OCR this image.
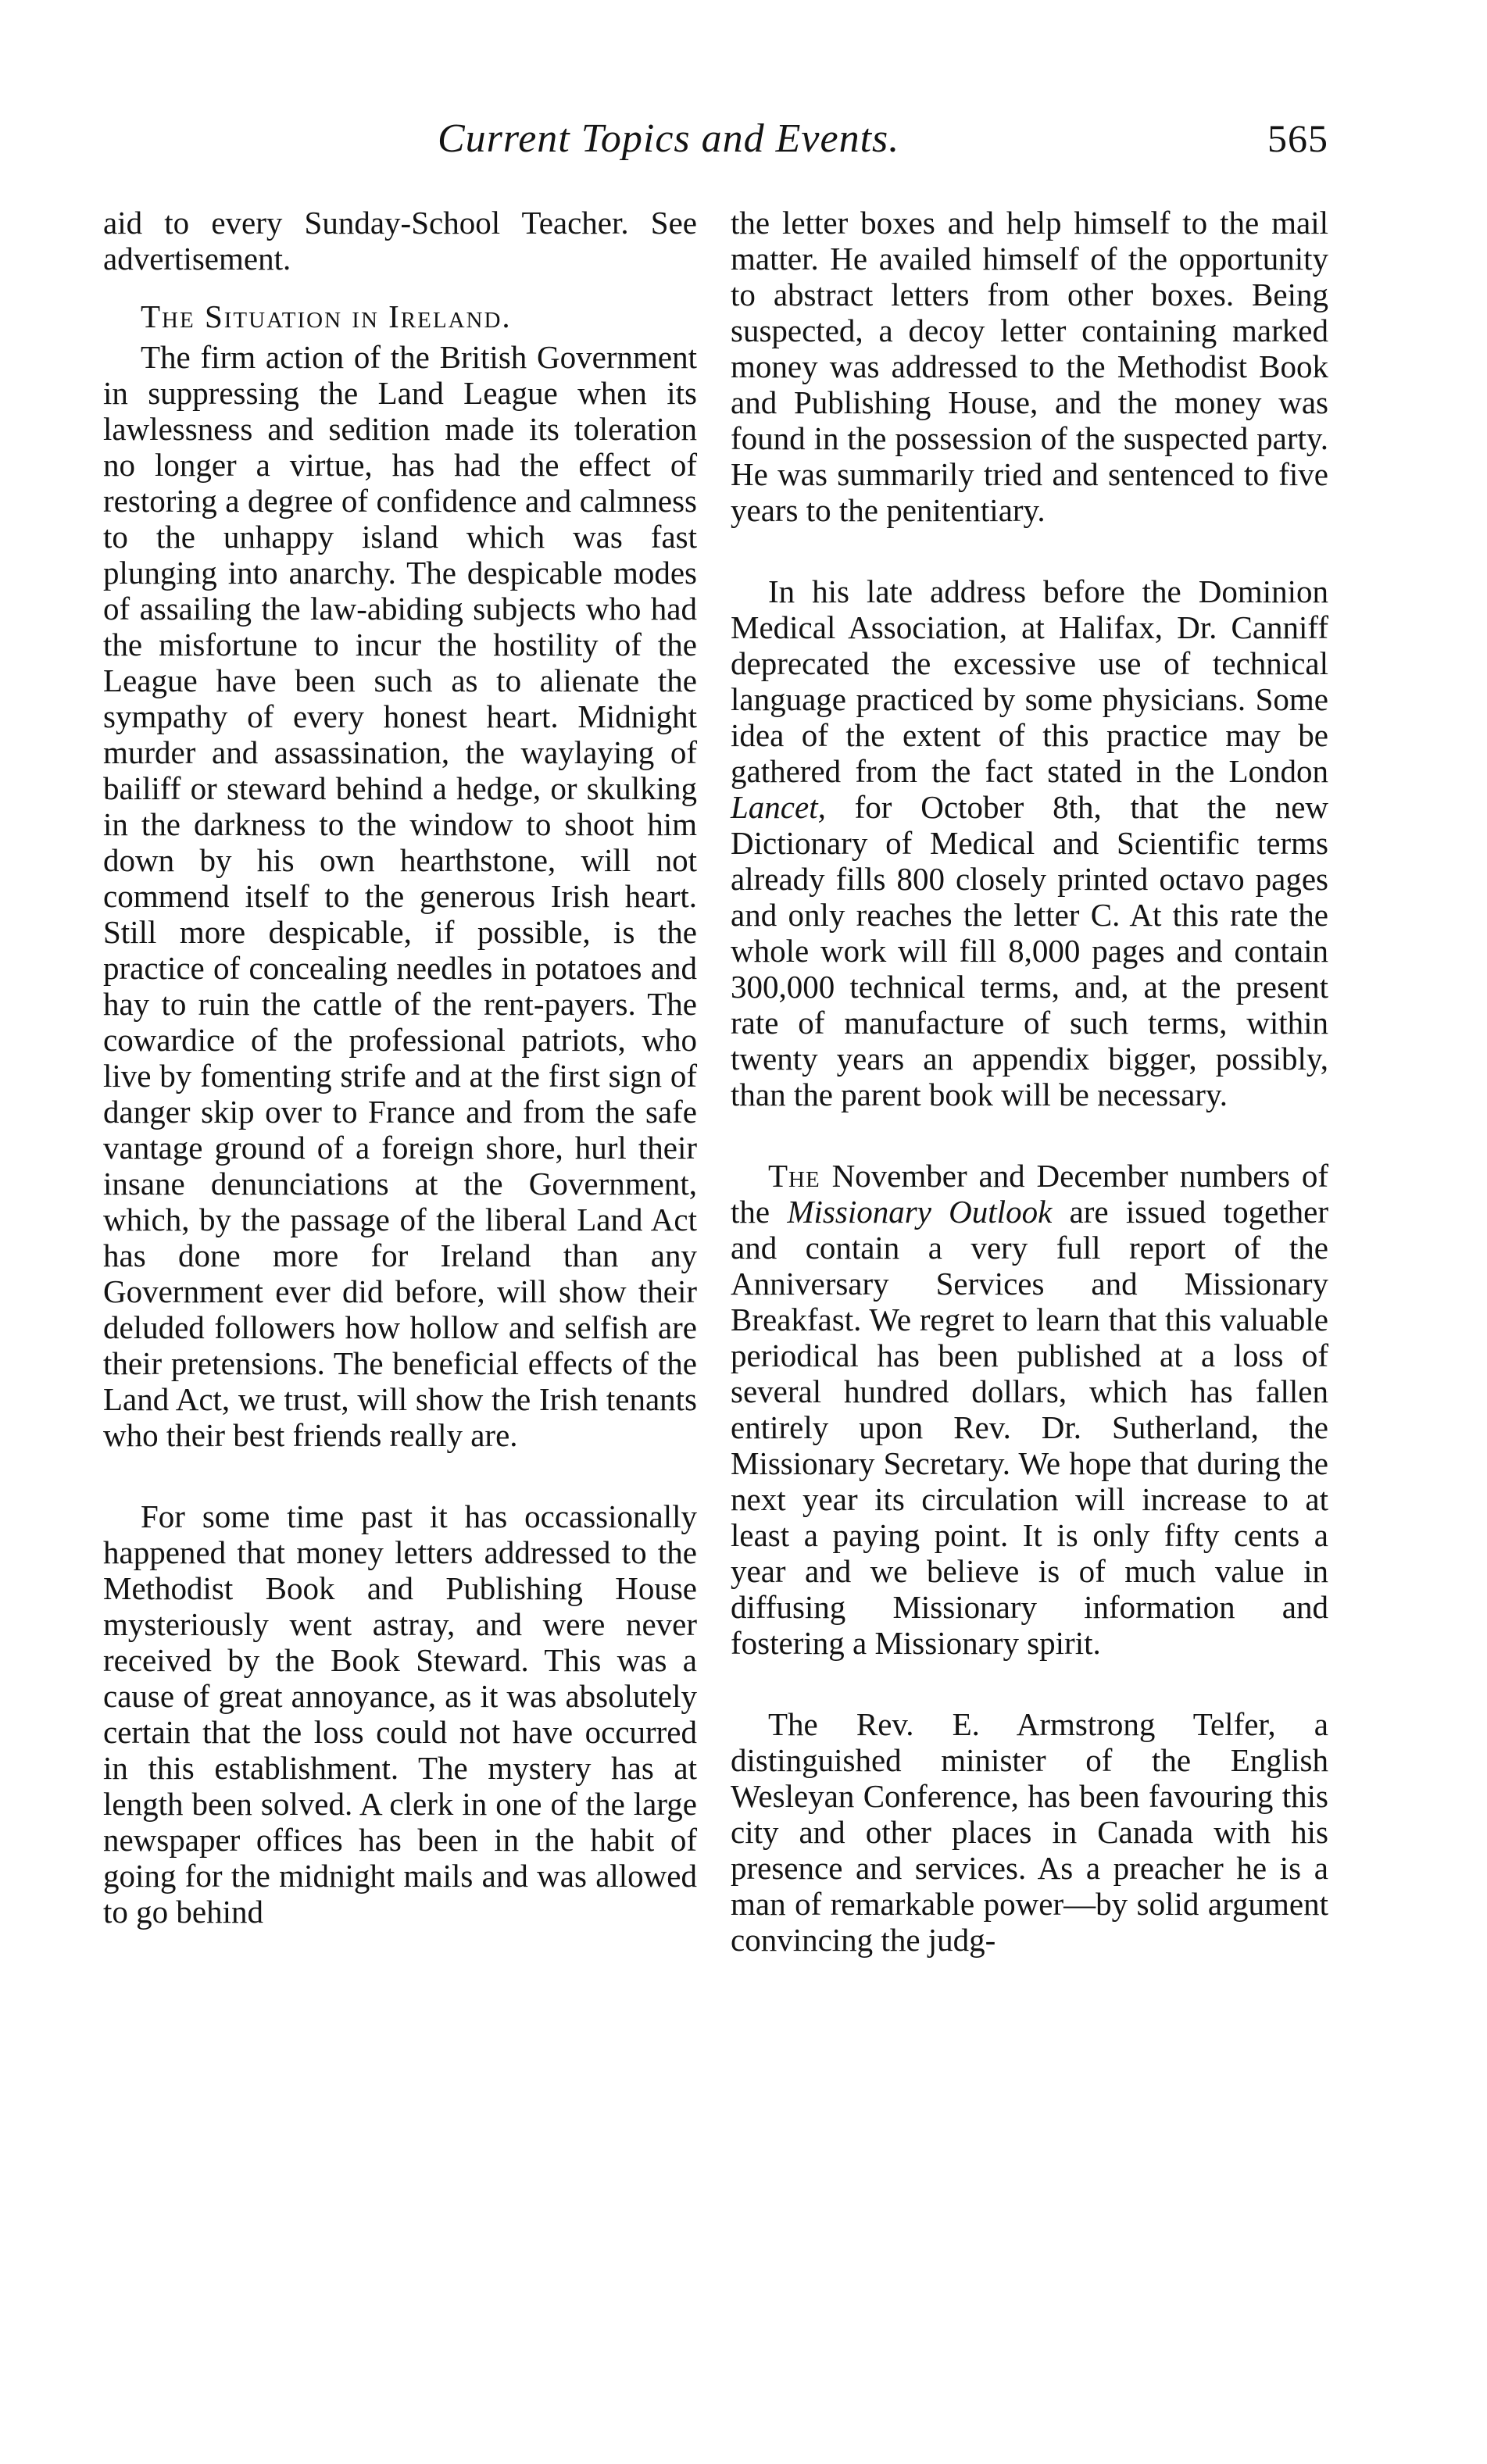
Current Topics and Events.	565

aid to every Sunday-School Teacher. See advertisement.

The Situation in Ireland.

The firm action of the British Government in suppressing the Land League when its lawlessness and sedition made its toleration no longer a virtue, has had the effect of restoring a degree of confidence and calmness to the unhappy island which was fast plunging into anarchy. The despicable modes of assailing the law-abiding subjects who had the misfortune to incur the hostility of the League have been such as to alienate the sympathy of every honest heart. Midnight murder and assassination, the waylaying of bailiff or steward behind a hedge, or skulking in the darkness to the window to shoot him down by his own hearthstone, will not commend itself to the generous Irish heart. Still more despicable, if possible, is the practice of concealing needles in potatoes and hay to ruin the cattle of the rent-payers. The cowardice of the professional patriots, who live by fomenting strife and at the first sign of danger skip over to France and from the safe vantage ground of a foreign shore, hurl their insane denunciations at the Government, which, by the passage of the liberal Land Act has done more for Ireland than any Government ever did before, will show their deluded followers how hollow and selfish are their pretensions. The beneficial effects of the Land Act, we trust, will show the Irish tenants who their best friends really are.

For some time past it has occassionally happened that money letters addressed to the Methodist Book and Publishing House mysteriously went astray, and were never received by the Book Steward. This was a cause of great annoyance, as it was absolutely certain that the loss could not have occurred in this establishment. The mystery has at length been solved. A clerk in one of the large newspaper offices has been in the habit of going for the midnight mails and was allowed to go behind

the letter boxes and help himself to the mail matter. He availed himself of the opportunity to abstract letters from other boxes. Being suspected, a decoy letter containing marked money was addressed to the Methodist Book and Publishing House, and the money was found in the possession of the suspected party. He was summarily tried and sentenced to five years to the penitentiary.

In his late address before the Dominion Medical Association, at Halifax, Dr. Canniff deprecated the excessive use of technical language practiced by some physicians. Some idea of the extent of this practice may be gathered from the fact stated in the London Lancet, for October 8th, that the new Dictionary of Medical and Scientific terms already fills 800 closely printed octavo pages and only reaches the letter C. At this rate the whole work will fill 8,000 pages and contain 300,000 technical terms, and, at the present rate of manufacture of such terms, within twenty years an appendix bigger, possibly, than the parent book will be necessary.

The November and December numbers of the Missionary Outlook are issued together and contain a very full report of the Anniversary Services and Missionary Breakfast. We regret to learn that this valuable periodical has been published at a loss of several hundred dollars, which has fallen entirely upon Rev. Dr. Sutherland, the Missionary Secretary. We hope that during the next year its circulation will increase to at least a paying point. It is only fifty cents a year and we believe is of much value in diffusing Missionary information and fostering a Missionary spirit.

The Rev. E. Armstrong Telfer, a distinguished minister of the English Wesleyan Conference, has been favouring this city and other places in Canada with his presence and services. As a preacher he is a man of remarkable power—by solid argument convincing the judg-
